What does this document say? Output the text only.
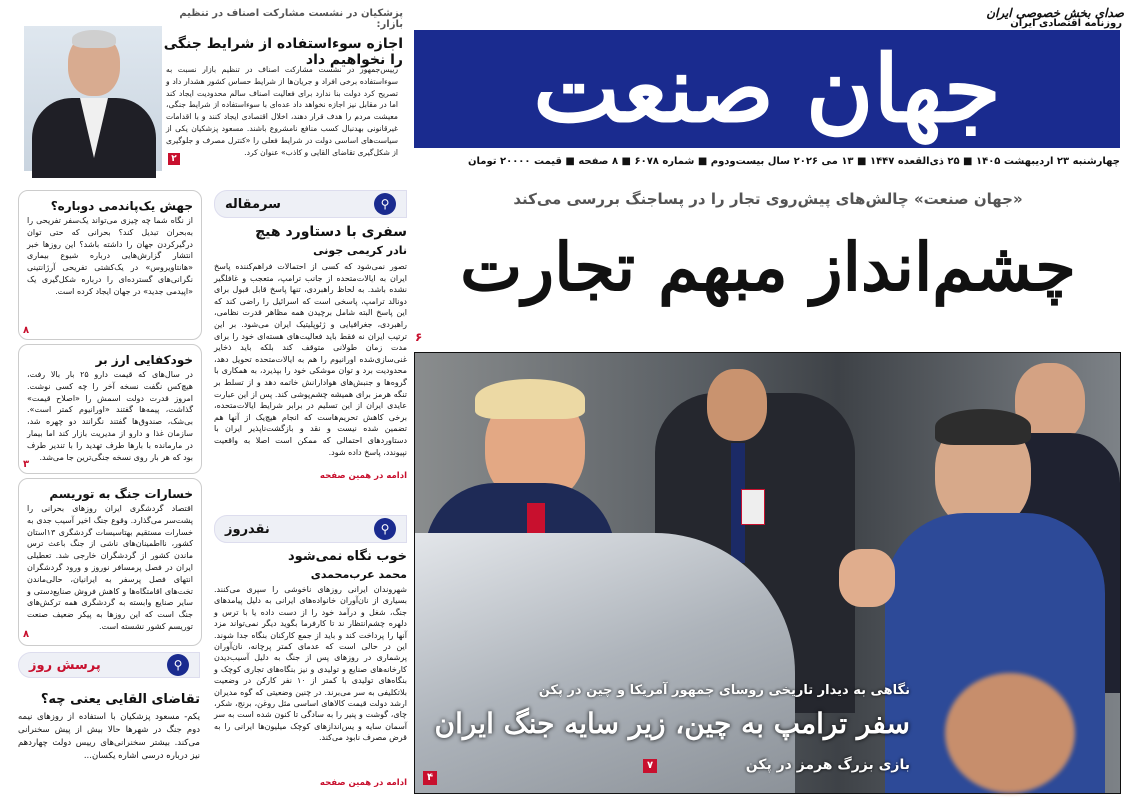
صدای بخش خصوصی ایران
روزنامه اقتصادی ایران
جهان صنعت
چهارشنبه ۲۳ اردیبهشت ۱۴۰۵ ■ ۲۵ ذی‌القعده ۱۴۴۷ ■ ۱۳ می ۲۰۲۶
سال بیست‌ودوم ■ شماره ۶۰۷۸ ■ ۸ صفحه ■ قیمت ۲۰۰۰۰ تومان
پزشکیان در نشست مشارکت اصناف در تنظیم بازار:
اجازه سوءاستفاده از شرایط جنگی را نخواهیم داد
رییس‌جمهور در نشست مشارکت اصناف در تنظیم بازار نسبت به سوءاستفاده برخی افراد و جریان‌ها از شرایط حساس کشور هشدار داد و تصریح کرد دولت بنا ندارد برای فعالیت اصناف سالم محدودیت ایجاد کند اما در مقابل نیز اجازه نخواهد داد عده‌ای با سوءاستفاده از شرایط جنگی، معیشت مردم را هدف قرار دهند، اخلال اقتصادی ایجاد کنند و با اقدامات غیرقانونی بهدنبال کسب منافع نامشروع باشند. مسعود پزشکیان یکی از سیاست‌های اساسی دولت در شرایط فعلی را «کنترل مصرف و جلوگیری از شکل‌گیری تقاضای القایی و کاذب» عنوان کرد.
۲
«جهان صنعت» چالش‌های پیش‌روی تجار را در پساجنگ بررسی می‌کند
چشم‌انداز مبهم تجارت
۶
نگاهی به دیدار تاریخی روسای جمهور آمریکا و چین در پکن
سفر ترامپ به چین، زیر سایه جنگ ایران
بازی بزرگ هرمز در پکن
۷
۴
⚲
سرمقاله
سفری با دستاورد هیچ
نادر کریمی جونی
تصور نمی‌شود که کسی از احتمالات فراهم‌کننده پاسخ ایران به ایالات‌متحده از جانب ترامپ، متعجب و غافلگیر نشده باشد. به لحاظ راهبردی، تنها پاسخ قابل قبول برای دونالد ترامپ، پاسخی است که اسرائیل را راضی کند که این پاسخ البته شامل برچیدن همه مظاهر قدرت نظامی، راهبردی، جغرافیایی و ژئوپلیتیک ایران می‌شود. بر این ترتیب ایران نه فقط باید فعالیت‌های هسته‌ای خود را برای مدت زمان طولانی متوقف کند بلکه باید ذخایر غنی‌سازی‌شده اورانیوم را هم به ایالات‌متحده تحویل دهد، محدودیت برد و توان موشکی خود را بپذیرد، به همکاری با گروه‌ها و جنبش‌های هوادارانش خاتمه دهد و از تسلط بر تنگه هرمز برای همیشه چشم‌پوشی کند. پس از این عبارت عایدی ایران از این تسلیم در برابر شرایط ایالات‌متحده، برخی کاهش تحریم‌هاست که انجام هیچ‌یک از آنها هم تضمین شده نیست و نقد و بازگشت‌ناپذیر ایران با دستاوردهای احتمالی که ممکن است اصلا به واقعیت نپیوندد، پاسخ داده شود.
ادامه در همین صفحه
⚲
نقدروز
خوب نگاه نمی‌شود
محمد عرب‌محمدی
شهروندان ایرانی روزهای ناخوشی را سپری می‌کنند. بسیاری از نان‌آوران خانواده‌های ایرانی به دلیل پیامدهای جنگ، شغل و درآمد خود را از دست داده یا با ترس و دلهره چشم‌انتظار ند تا کارفرما بگوید دیگر نمی‌تواند مزد آنها را پرداخت کند و باید از جمع کارکنان بنگاه جدا شوند. این در حالی است که عدمای کمتر پرچانه، نان‌آوران پرشماری در روزهای پس از جنگ به دلیل آسیب‌دیدن کارخانه‌های صنایع و تولیدی و نیز بنگاه‌های تجاری کوچک و بنگاه‌های تولیدی با کمتر از ۱۰ نفر کارکن در وضعیت بلاتکلیفی به سر می‌برند. در چنین وضعیتی که گوه مدیران ارشد دولت قیمت کالاهای اساسی مثل روغن، برنج، شکر، چای، گوشت و پنیر را به سادگی تا کنون شده است به سر آسمان سایه و یس‌اندازهای کوچک میلیون‌ها ایرانی را به قرض مصرف نابود می‌کند.
ادامه در همین صفحه
جهش یک‌پاندمی دوباره؟
از نگاه شما چه چیزی می‌تواند یک‌سفر تفریحی را به‌بحران تبدیل کند؟ بحرانی که حتی توان درگیرکردن جهان را داشته باشد؟ این روزها خبر انتشار گزارش‌هایی درباره شیوع بیماری «هانتاویروس» در یک‌کشتی تفریحی آرژانتینی نگرانی‌های گسترده‌ای را درباره شکل‌گیری یک «اپیدمی جدید» در جهان ایجاد کرده است.
۸
خودکفایی ارز بر
در سال‌های که قیمت دارو ۲۵ بار بالا رفت، هیچ‌کس نگفت نسخه آخر را چه کسی نوشت. امروز قدرت دولت اسمش را «اصلاح قیمت» گذاشت، پیمه‌ها گفتند «اورانیوم کمتر است». بی‌شک، صندوق‌ها گفتند نگرانند دو چهره شد، سازمان غذا و دارو از مدیریت بازار کند اما بیمار در مارمانده با بارها طرف تهدید را با تندیر طرف بود که هر بار روی نسخه جنگی‌ترین جا می‌شد.
۳
خسارات جنگ به توریسم
اقتصاد گردشگری ایران روزهای بحرانی را پشت‌سر می‌گذارد. وقوع جنگ اخیر آسیب جدی به خسارات مستقیم بهتاسیسات گردشگری ۱۳استان کشور، نااطمینان‌های ناشی از جنگ باعث ترس ماندن کشور از گردشگران خارجی شد. تعطیلی ایران در فصل پرمسافر نوروز و ورود گردشگران انتهای فصل پرسفر به ایرانیان، حالی‌ماندن تخت‌های اقامتگاه‌ها و کاهش فروش صنایع‌دستی و سایر صنایع وابسته به گردشگری همه ترکش‌های جنگ است که این روزها به پیکر ضعیف صنعت توریسم کشور نشسته است.
۸
⚲
پرسش روز
تقاضای القایی یعنی چه؟
یکم- مسعود پزشکیان با استفاده از روزهای نیمه دوم جنگ در شهرها حالا بیش از پیش سخنرانی می‌کند. بیشتر سخنرانی‌های رییس دولت چهاردهم نیز درباره درسی اشاره یکسان...
